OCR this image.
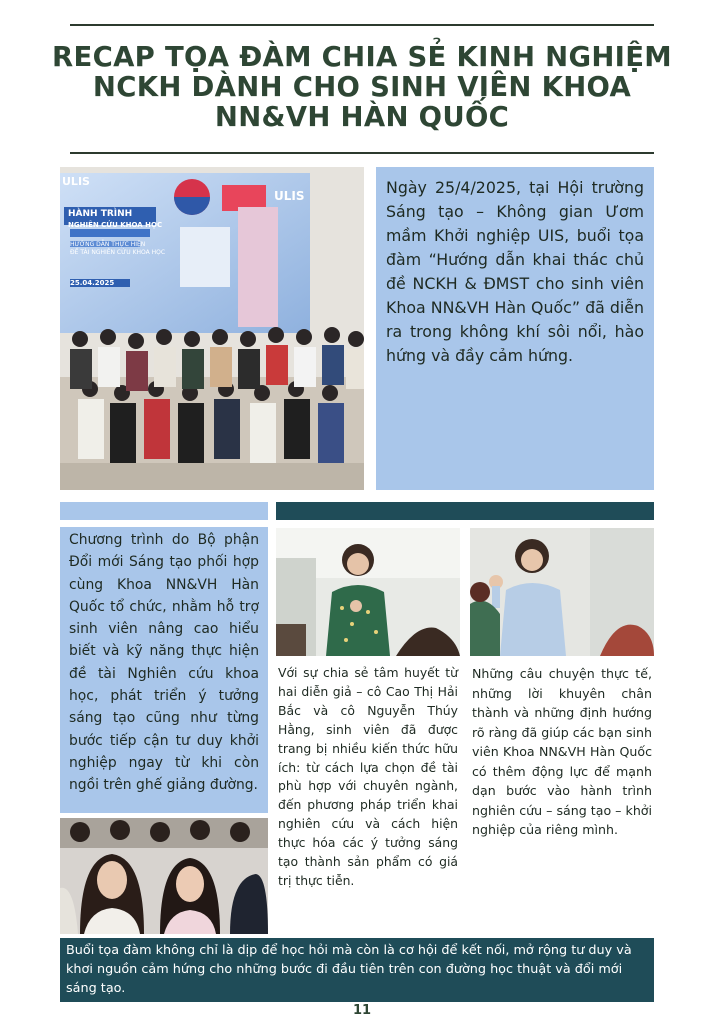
RECAP TỌA ĐÀM CHIA SẺ KINH NGHIỆM
NCKH DÀNH CHO SINH VIÊN KHOA
NN&VH HÀN QUỐC
ULIS
ULIS
HÀNH TRÌNH
NGHIÊN CỨU KHOA HỌC
HƯỚNG DẪN THỰC HIỆN
ĐỀ TÀI NGHIÊN CỨU KHOA HỌC
25.04.2025
Ngày 25/4/2025, tại Hội trường Sáng tạo – Không gian Ươm mầm Khởi nghiệp UIS, buổi tọa đàm “Hướng dẫn khai thác chủ đề NCKH & ĐMST cho sinh viên Khoa NN&VH Hàn Quốc” đã diễn ra trong không khí sôi nổi, hào hứng và đầy cảm hứng.
Chương trình do Bộ phận Đổi mới Sáng tạo phối hợp cùng Khoa NN&VH Hàn Quốc tổ chức, nhằm hỗ trợ sinh viên nâng cao hiểu biết và kỹ năng thực hiện đề tài Nghiên cứu khoa học, phát triển ý tưởng sáng tạo cũng như từng bước tiếp cận tư duy khởi nghiệp ngay từ khi còn ngồi trên ghế giảng đường.
Với sự chia sẻ tâm huyết từ hai diễn giả – cô Cao Thị Hải Bắc và cô Nguyễn Thúy Hằng, sinh viên đã được trang bị nhiều kiến thức hữu ích: từ cách lựa chọn đề tài phù hợp với chuyên ngành, đến phương pháp triển khai nghiên cứu và cách hiện thực hóa các ý tưởng sáng tạo thành sản phẩm có giá trị thực tiễn.
Những câu chuyện thực tế, những lời khuyên chân thành và những định hướng rõ ràng đã giúp các bạn sinh viên Khoa NN&VH Hàn Quốc có thêm động lực để mạnh dạn bước vào hành trình nghiên cứu – sáng tạo – khởi nghiệp của riêng mình.
Buổi tọa đàm không chỉ là dịp để học hỏi mà còn là cơ hội để kết nối, mở rộng tư duy và khơi nguồn cảm hứng cho những bước đi đầu tiên trên con đường học thuật và đổi mới sáng tạo.
11
